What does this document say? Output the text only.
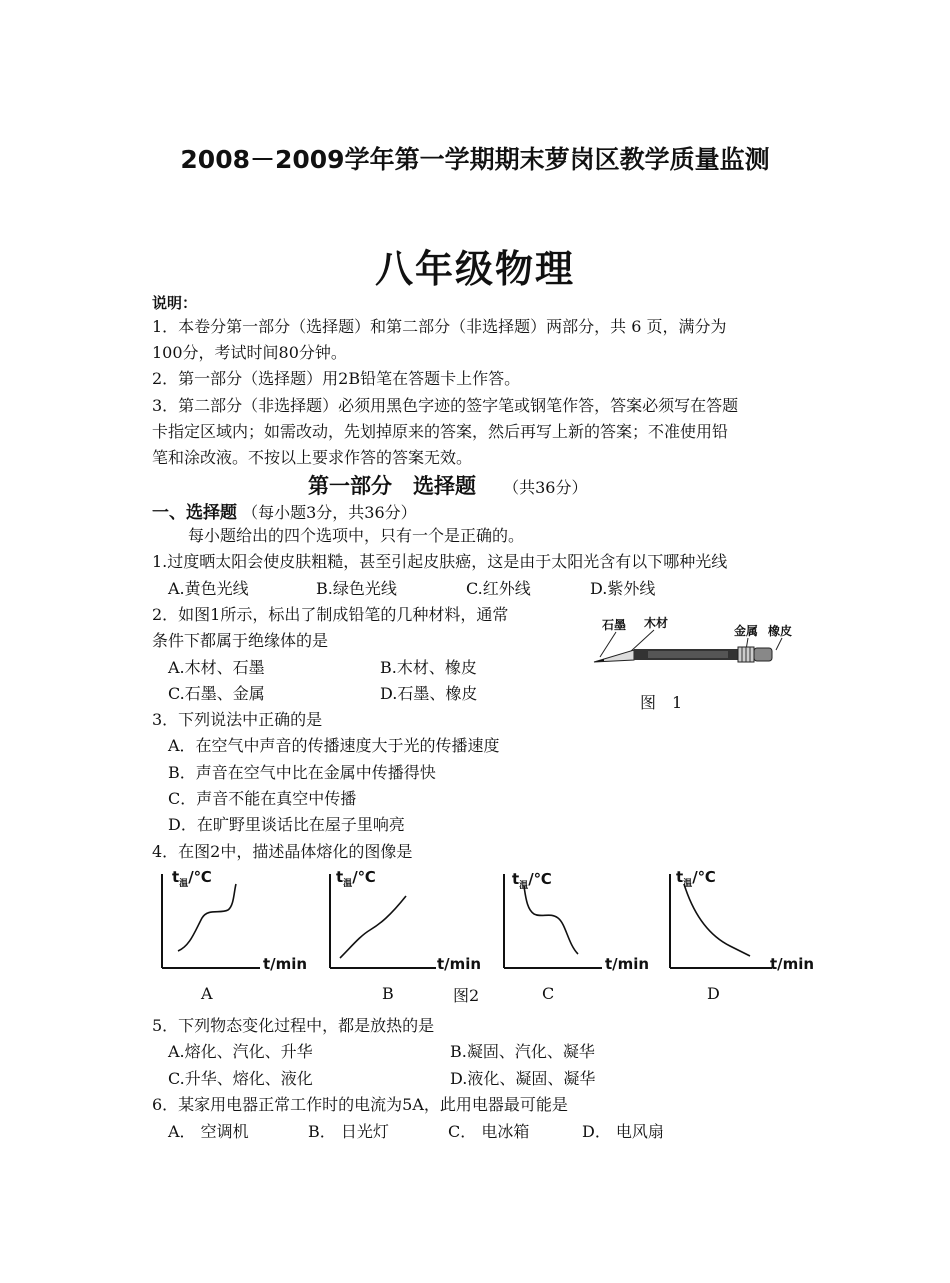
2008－2009学年第一学期期末萝岗区教学质量监测
八年级物理
说明：
1．本卷分第一部分（选择题）和第二部分（非选择题）两部分，共 6 页，满分为
100分，考试时间80分钟。
2．第一部分（选择题）用2B铅笔在答题卡上作答。
3．第二部分（非选择题）必须用黑色字迹的签字笔或钢笔作答，答案必须写在答题
卡指定区域内；如需改动，先划掉原来的答案，然后再写上新的答案；不准使用铅
笔和涂改液。不按以上要求作答的答案无效。
第一部分　选择题 （共36分）
一、选择题 （每小题3分，共36分）
每小题给出的四个选项中，只有一个是正确的。
1.过度晒太阳会使皮肤粗糙，甚至引起皮肤癌，这是由于太阳光含有以下哪种光线
A.黄色光线	B.绿色光线	C.红外线	D.紫外线
2．如图1所示，标出了制成铅笔的几种材料，通常
条件下都属于绝缘体的是
A.木材、石墨	B.木材、橡皮
C.石墨、金属	D.石墨、橡皮
石墨 木材
金属 橡皮
图　1
3．下列说法中正确的是
A．在空气中声音的传播速度大于光的传播速度
B．声音在空气中比在金属中传播得快
C．声音不能在真空中传播
D．在旷野里谈话比在屋子里响亮
4．在图2中，描述晶体熔化的图像是
$t_温/℃$
t/min
A
$t_温/℃$
t/min
B	图2
$t_温/℃$
t/min
C
$t_温/℃$
t/min
D
5．下列物态变化过程中，都是放热的是
A.熔化、汽化、升华	B.凝固、汽化、凝华
C.升华、熔化、液化	D.液化、凝固、凝华
6．某家用电器正常工作时的电流为5A，此用电器最可能是
A． 空调机	B． 日光灯	C． 电冰箱	D． 电风扇
